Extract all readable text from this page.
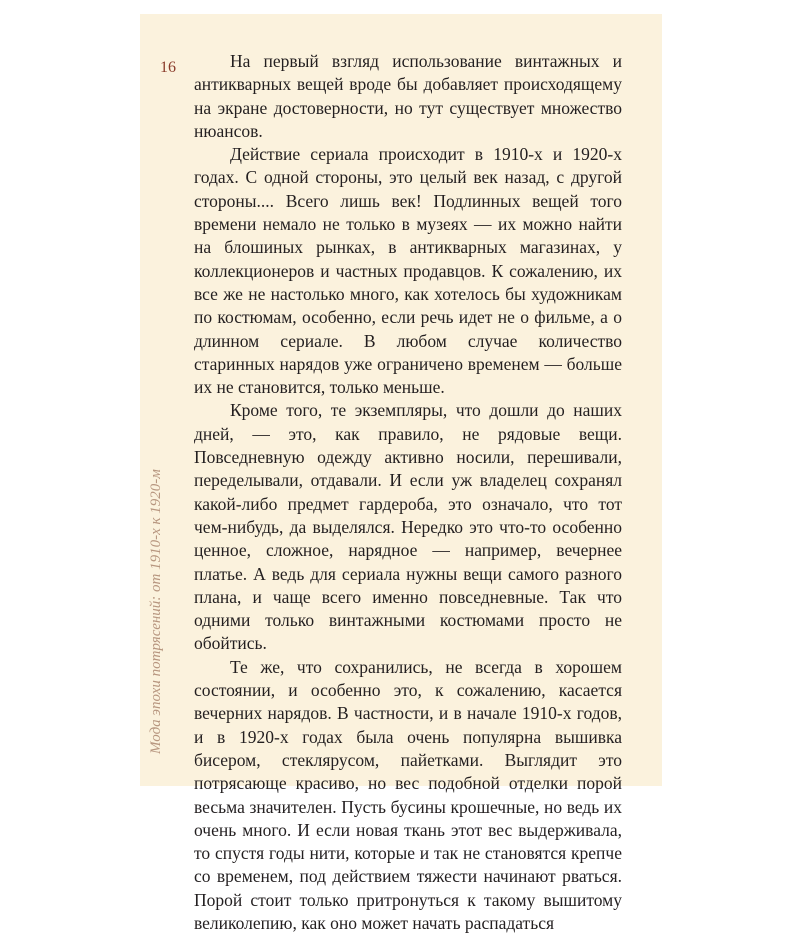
16
Мода эпохи потрясений: от 1910-х к 1920-м

На первый взгляд использование винтажных и антикварных вещей вроде бы добавляет происходящему на экране достоверности, но тут существует множество нюансов.

Действие сериала происходит в 1910-х и 1920-х годах. С одной стороны, это целый век назад, с другой стороны.... Всего лишь век! Подлинных вещей того времени немало не только в музеях — их можно найти на блошиных рынках, в антикварных магазинах, у коллекционеров и частных продавцов. К сожалению, их все же не настолько много, как хотелось бы художникам по костюмам, особенно, если речь идет не о фильме, а о длинном сериале. В любом случае количество старинных нарядов уже ограничено временем — больше их не становится, только меньше.

Кроме того, те экземпляры, что дошли до наших дней, — это, как правило, не рядовые вещи. Повседневную одежду активно носили, перешивали, переделывали, отдавали. И если уж владелец сохранял какой-либо предмет гардероба, это означало, что тот чем-нибудь, да выделялся. Нередко это что-то особенно ценное, сложное, нарядное — например, вечернее платье. А ведь для сериала нужны вещи самого разного плана, и чаще всего именно повседневные. Так что одними только винтажными костюмами просто не обойтись.

Те же, что сохранились, не всегда в хорошем состоянии, и особенно это, к сожалению, касается вечерних нарядов. В частности, и в начале 1910-х годов, и в 1920-х годах была очень популярна вышивка бисером, стеклярусом, пайетками. Выглядит это потрясающе красиво, но вес подобной отделки порой весьма значителен. Пусть бусины крошечные, но ведь их очень много. И если новая ткань этот вес выдерживала, то спустя годы нити, которые и так не становятся крепче со временем, под действием тяжести начинают рваться. Порой стоит только притронуться к такому вышитому великолепию, как оно может начать распадаться
